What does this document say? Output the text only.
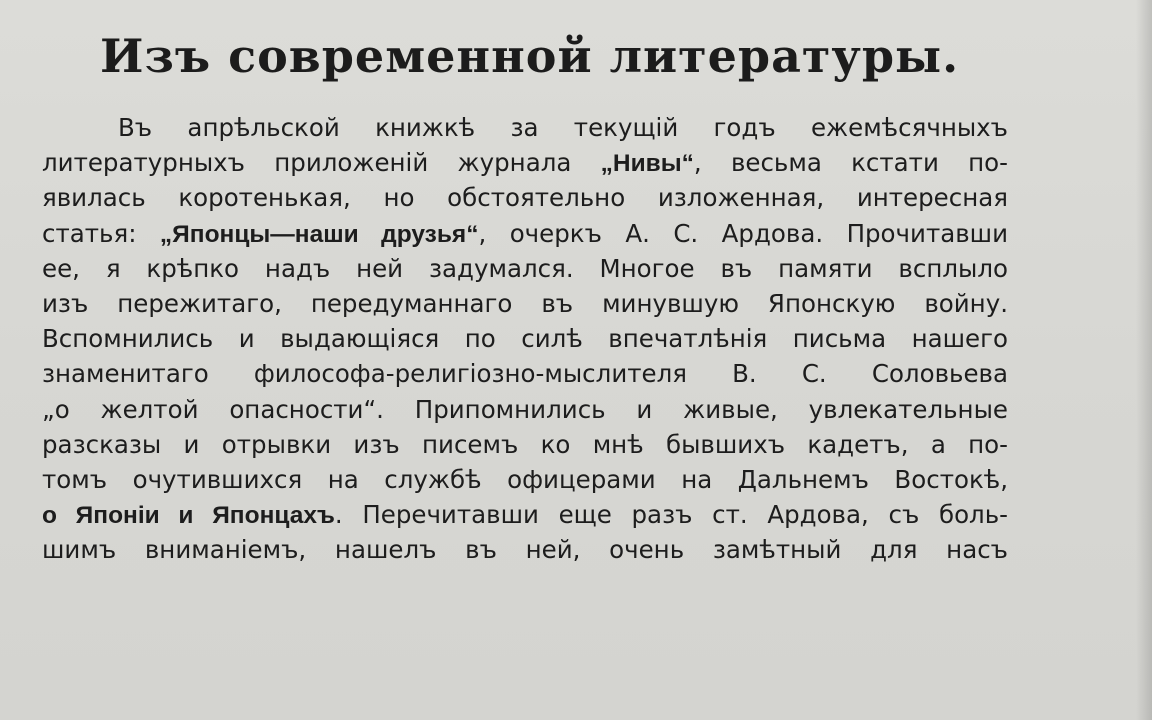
Изъ современной литературы.
Въ апрѣльской книжкѣ за текущій годъ ежемѣсячныхъ
литературныхъ приложеній журнала „Нивы“, весьма кстати по-
явилась коротенькая, но обстоятельно изложенная, интересная
статья: „Японцы—наши друзья“, очеркъ А. С. Ардова. Прочитавши
ее, я крѣпко надъ ней задумался. Многое въ памяти всплыло
изъ пережитаго, передуманнаго въ минувшую Японскую войну.
Вспомнились и выдающіяся по силѣ впечатлѣнія письма нашего
знаменитаго философа-религіозно-мыслителя В. С. Соловьева
„о желтой опасности“. Припомнились и живые, увлекательные
разсказы и отрывки изъ писемъ ко мнѣ бывшихъ кадетъ, а по-
томъ очутившихся на службѣ офицерами на Дальнемъ Востокѣ,
о Японіи и Японцахъ. Перечитавши еще разъ ст. Ардова, съ боль-
шимъ вниманіемъ, нашелъ въ ней, очень замѣтный для насъ
